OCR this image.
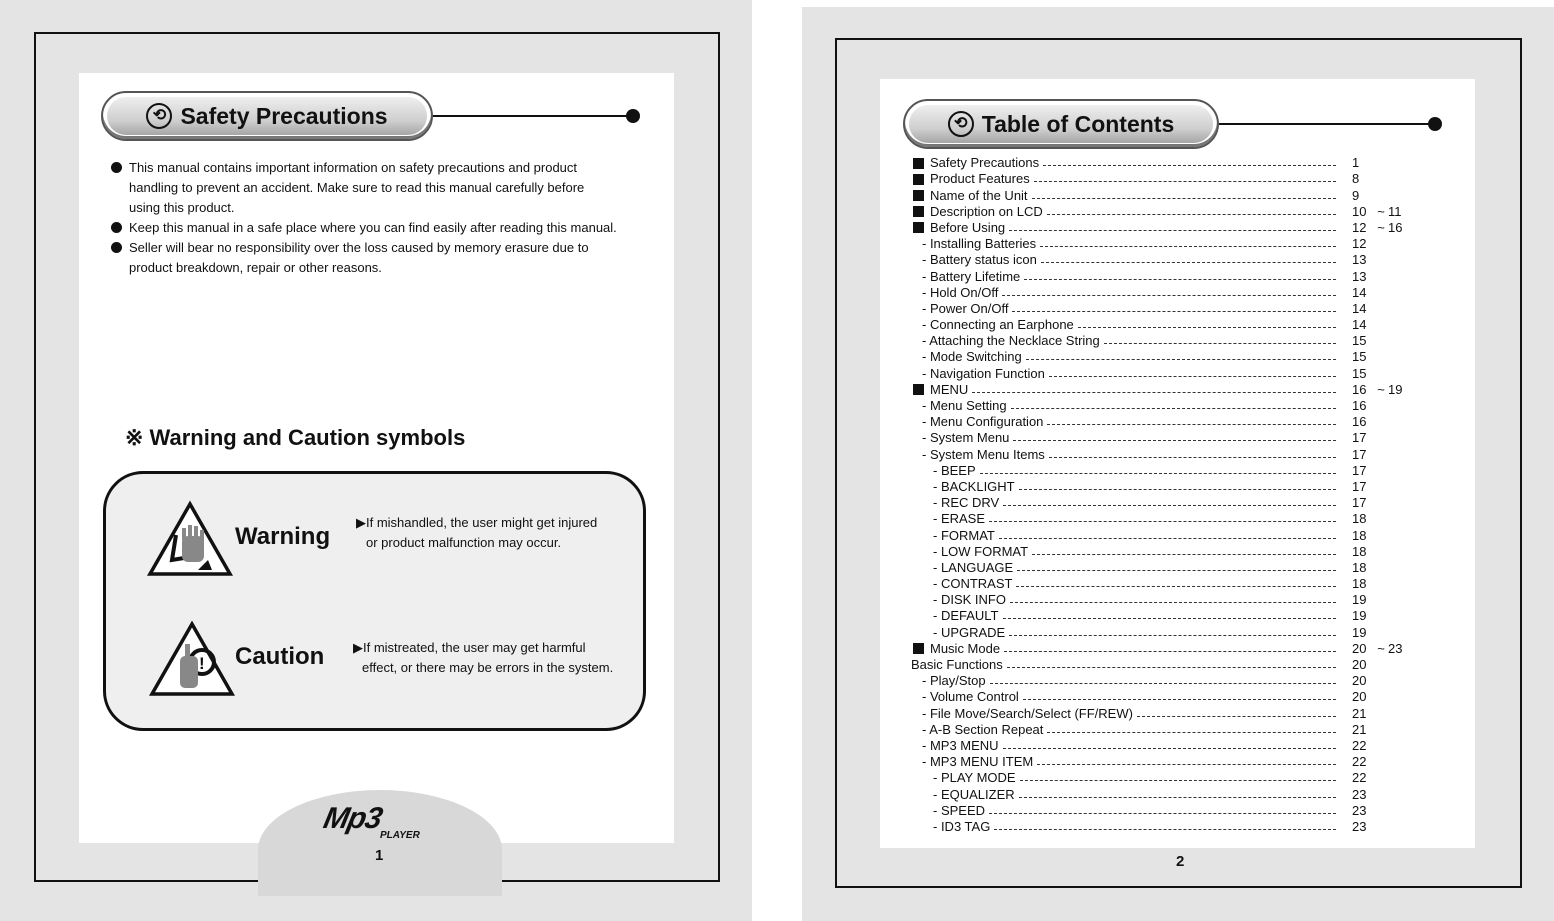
⟲ Safety Precautions

This manual contains important information on safety precautions and product
handling to prevent an accident. Make sure to read this manual carefully before
using this product.

Keep this manual in a safe place where you can find easily after reading this manual.

Seller will bear no responsibility over the loss caused by memory erasure due to
product breakdown, repair or other reasons.

※ Warning and Caution symbols
Warning
▶If mishandled, the user might get injured
or product malfunction may occur.
! Caution ▶If mistreated, the user may get harmful
effect, or there may be errors in the system.
Mp3
PLAYER
1
⟲ Table of Contents
Safety Precautions	1
Product Features	8
Name of the Unit	9
Description on LCD	10 ~ 11
Before Using	12 ~ 16
- Installing Batteries	12
- Battery status icon	13
- Battery Lifetime	13
- Hold On/Off	14
- Power On/Off	14
- Connecting an Earphone	14
- Attaching the Necklace String	15
- Mode Switching	15
- Navigation Function	15
MENU	16 ~ 19
- Menu Setting	16
- Menu Configuration	16
- System Menu	17
- System Menu Items	17
- BEEP	17
- BACKLIGHT	17
- REC DRV	17
- ERASE	18
- FORMAT	18
- LOW FORMAT	18
- LANGUAGE	18
- CONTRAST	18
- DISK INFO	19
- DEFAULT	19
- UPGRADE	19
Music Mode	20 ~ 23
Basic Functions	20
- Play/Stop	20
- Volume Control	20
- File Move/Search/Select (FF/REW)	21
- A-B Section Repeat	21
- MP3 MENU	22
- MP3 MENU ITEM	22
- PLAY MODE	22
- EQUALIZER	23
- SPEED	23
- ID3 TAG	23
2
